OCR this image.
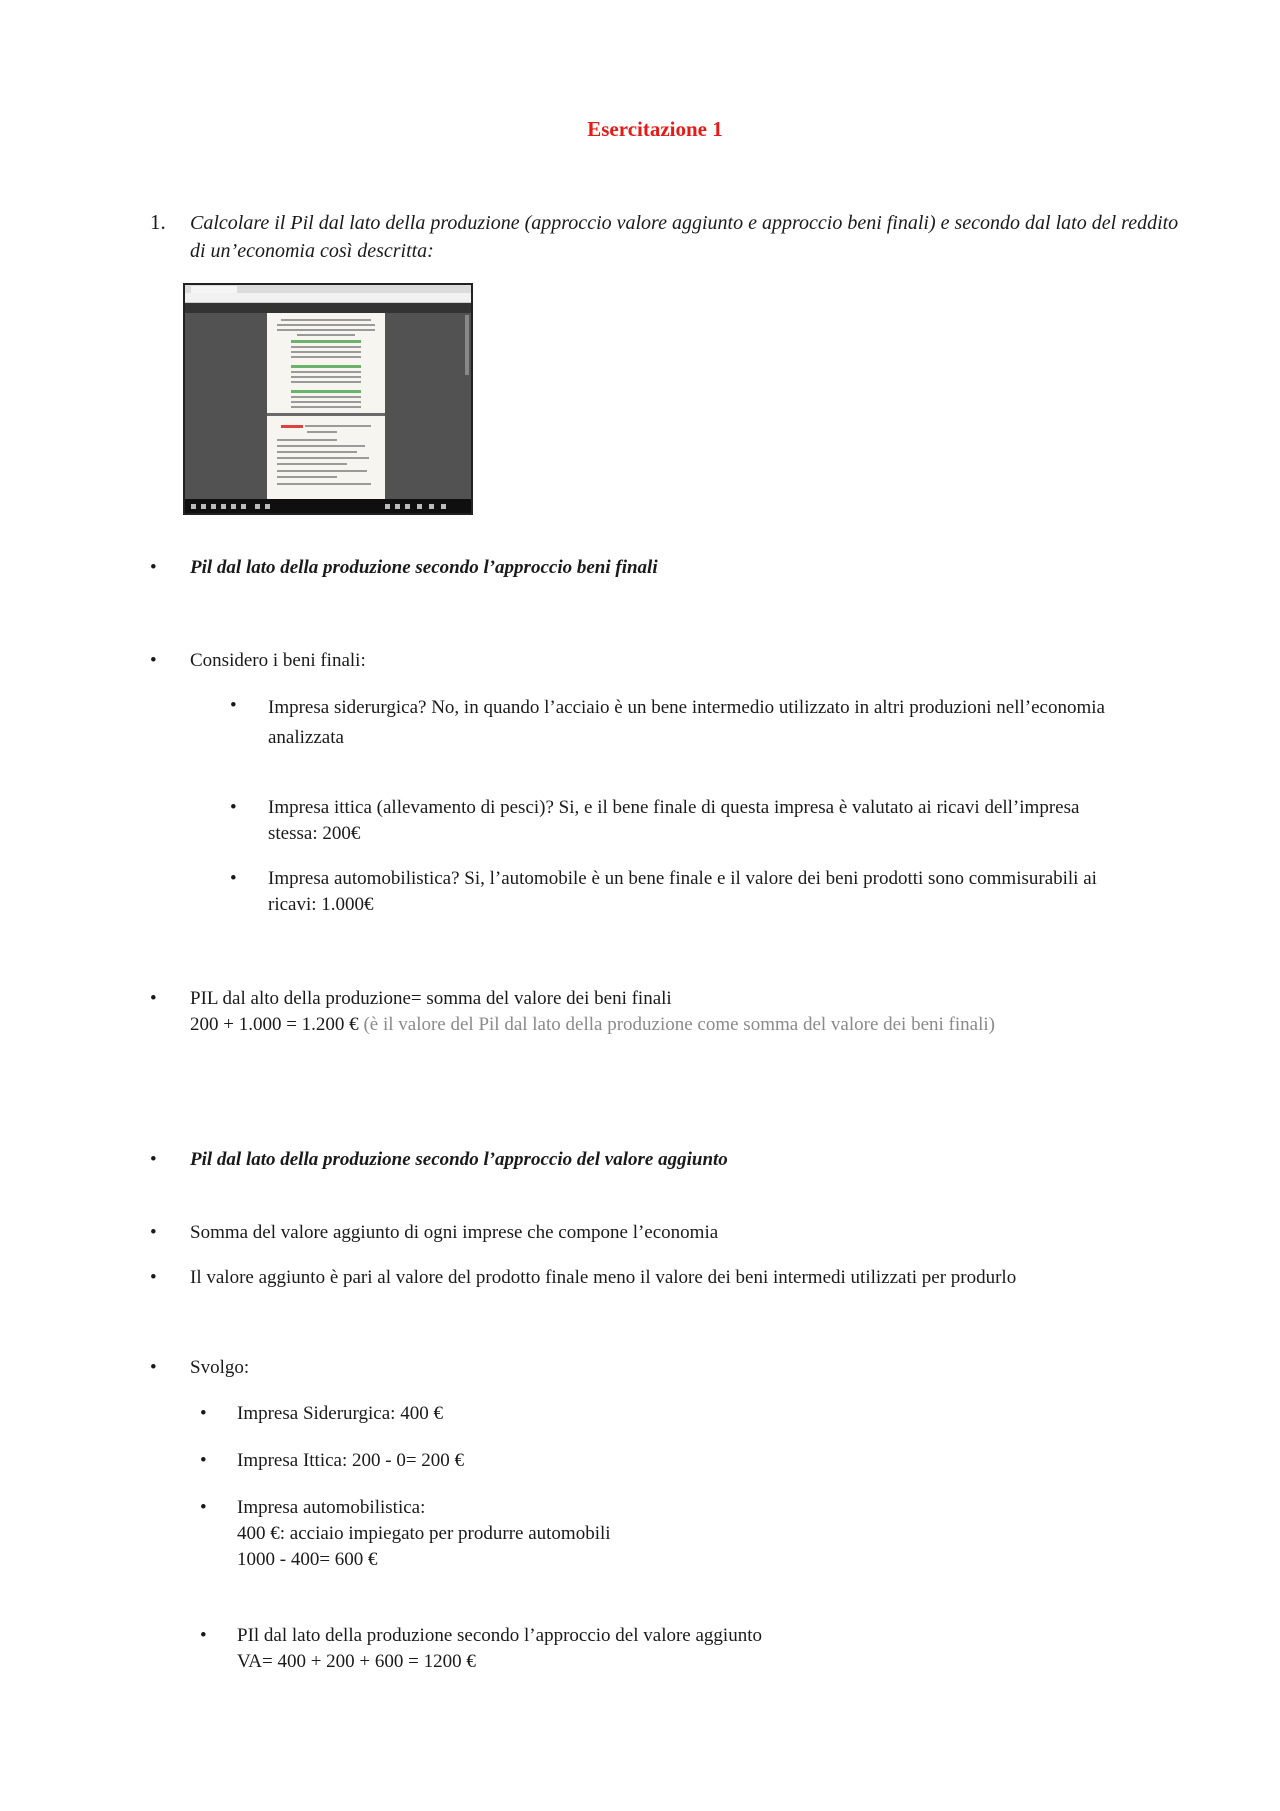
Esercitazione 1
1. Calcolare il Pil dal lato della produzione (approccio valore aggiunto e approccio beni finali) e secondo dal lato del reddito di un’economia così descritta:
• Pil dal lato della produzione secondo l’approccio beni finali
• Considero i beni finali:
• Impresa siderurgica? No, in quando l’acciaio è un bene intermedio utilizzato in altri produzioni nell’economia analizzata
• Impresa ittica (allevamento di pesci)? Si, e il bene finale di questa impresa è valutato ai ricavi dell’impresa stessa: 200€
• Impresa automobilistica? Si, l’automobile è un bene finale e il valore dei beni prodotti sono commisurabili ai ricavi: 1.000€
• PIL dal alto della produzione= somma del valore dei beni finali
200 + 1.000 = 1.200 € (è il valore del Pil dal lato della produzione come somma del valore dei beni finali)
• Pil dal lato della produzione secondo l’approccio del valore aggiunto
• Somma del valore aggiunto di ogni imprese che compone l’economia
• Il valore aggiunto è pari al valore del prodotto finale meno il valore dei beni intermedi utilizzati per produrlo
• Svolgo:
• Impresa Siderurgica: 400 €
• Impresa Ittica: 200 - 0= 200 €
• Impresa automobilistica:
400 €: acciaio impiegato per produrre automobili
1000 - 400= 600 €
• PIl dal lato della produzione secondo l’approccio del valore aggiunto
VA= 400 + 200 + 600 = 1200 €
